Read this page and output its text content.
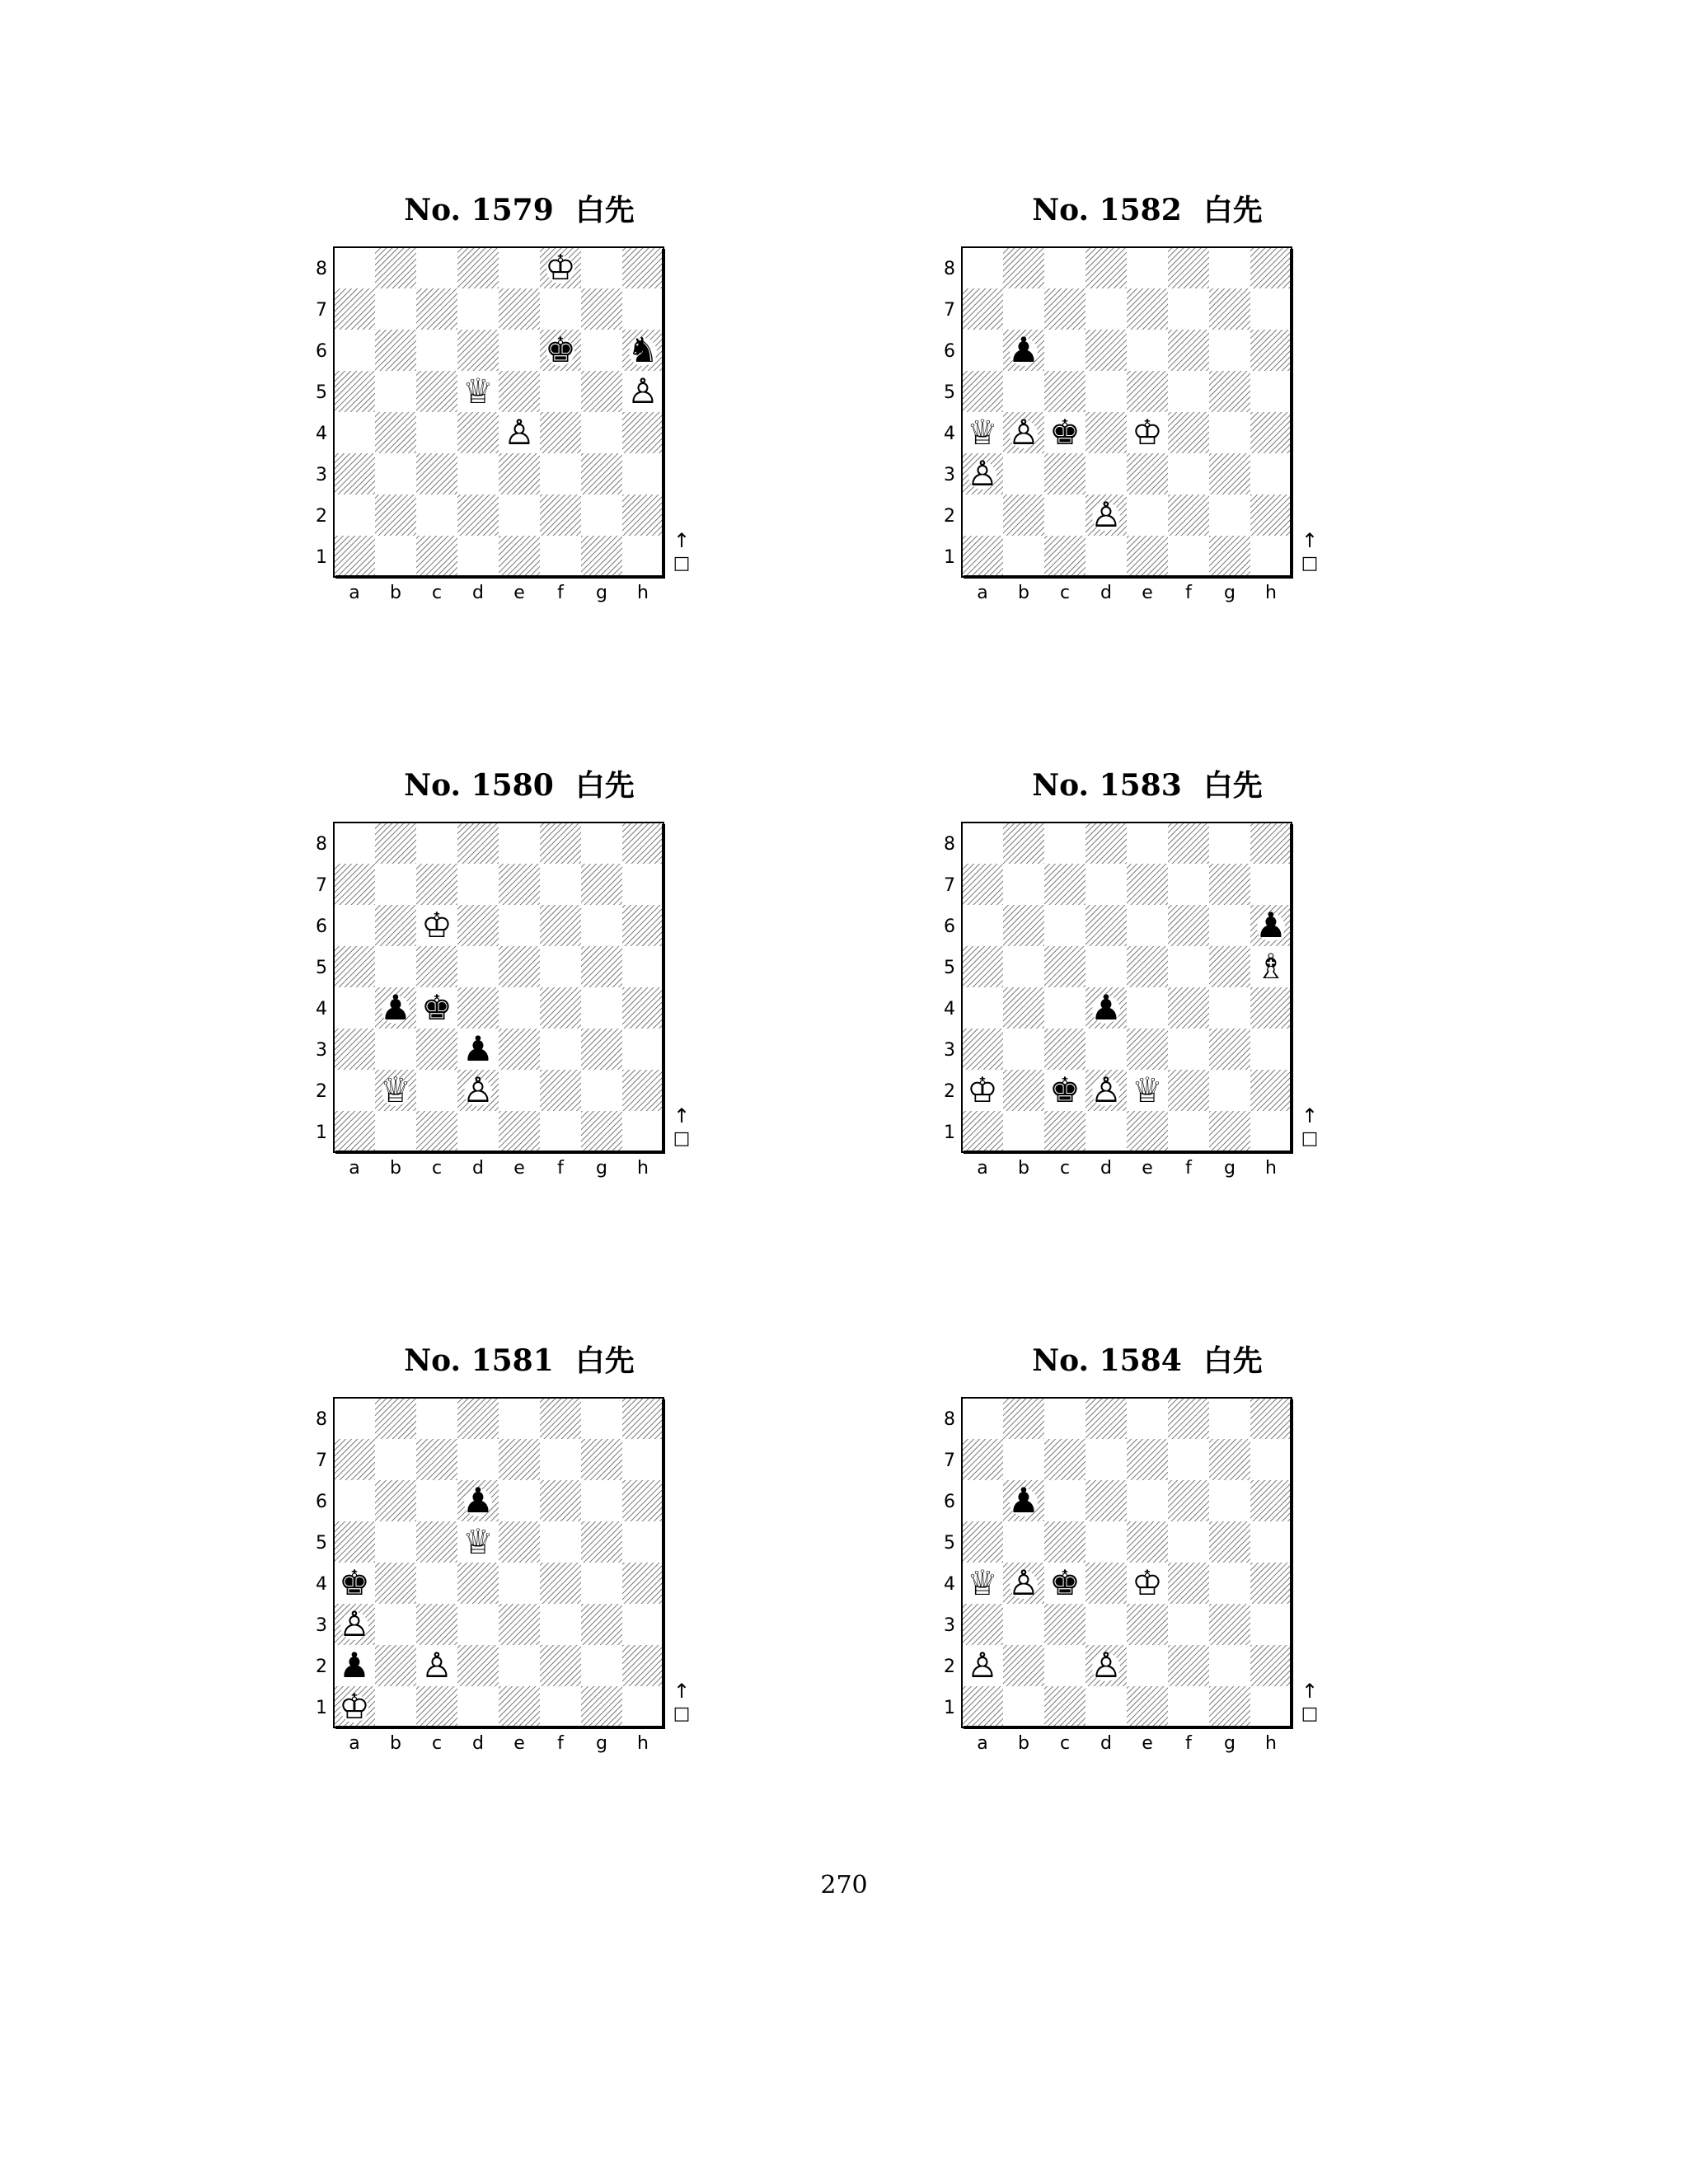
No. 1579 白先
8
7
6
5
4
3
2
1
a b c d e f g h
♔
♚ ♞
♕	♙
♙
↑
□
No. 1582 白先
8
7
6
5
4
3
2
1
a b c d e f g h
♟
♕ ♙ ♚ ♔
♙
♙
↑
□
No. 1580 白先
8
7
6
5
4
3
2
1
a b c d e f g h
♔
♟ ♚
♟
♕ ♙
↑
□
No. 1583 白先
8
7
6
5
4
3
2
1
a b c d e f g h
♟
♗
♟
♔ ♚ ♙ ♕
↑
□
No. 1581 白先
8
7
6
5
4
3
2
1
a b c d e f g h
♟
♕
♚
♙
♟ ♙
♔	↑
□
No. 1584 白先
8
7
6
5
4
3
2
1
a b c d e f g h
♟
♕ ♙ ♚ ♔
♙	♙
↑
□
270
